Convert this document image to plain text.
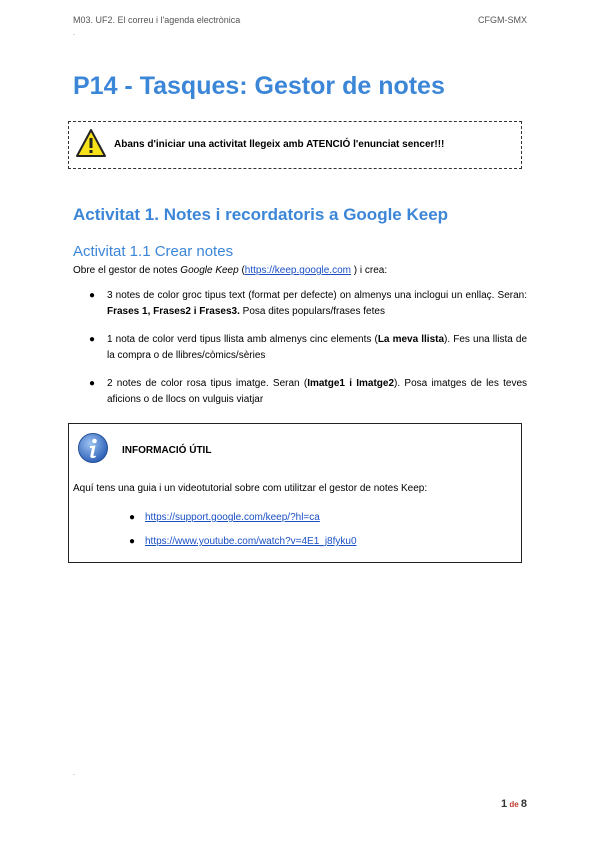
M03. UF2. El correu i l'agenda electrònica	CFGM-SMX
.
P14 - Tasques: Gestor de notes
Abans d'iniciar una activitat llegeix amb ATENCIÓ l'enunciat sencer!!!
Activitat 1. Notes i recordatoris a Google Keep
Activitat 1.1 Crear notes
Obre el gestor de notes Google Keep (https://keep.google.com ) i crea:
● 3 notes de color groc tipus text (format per defecte) on almenys una inclogui un enllaç. Seran: Frases 1, Frases2 i Frases3. Posa dites populars/frases fetes
● 1 nota de color verd tipus llista amb almenys cinc elements (La meva llista). Fes una llista de la compra o de llibres/còmics/sèries
● 2 notes de color rosa tipus imatge. Seran (Imatge1 i Imatge2). Posa imatges de les teves aficions o de llocs on vulguis viatjar
INFORMACIÓ ÚTIL
Aquí tens una guia i un videotutorial sobre com utilitzar el gestor de notes Keep:
● https://support.google.com/keep/?hl=ca
● https://www.youtube.com/watch?v=4E1_j8fyku0
.
1 de 8
